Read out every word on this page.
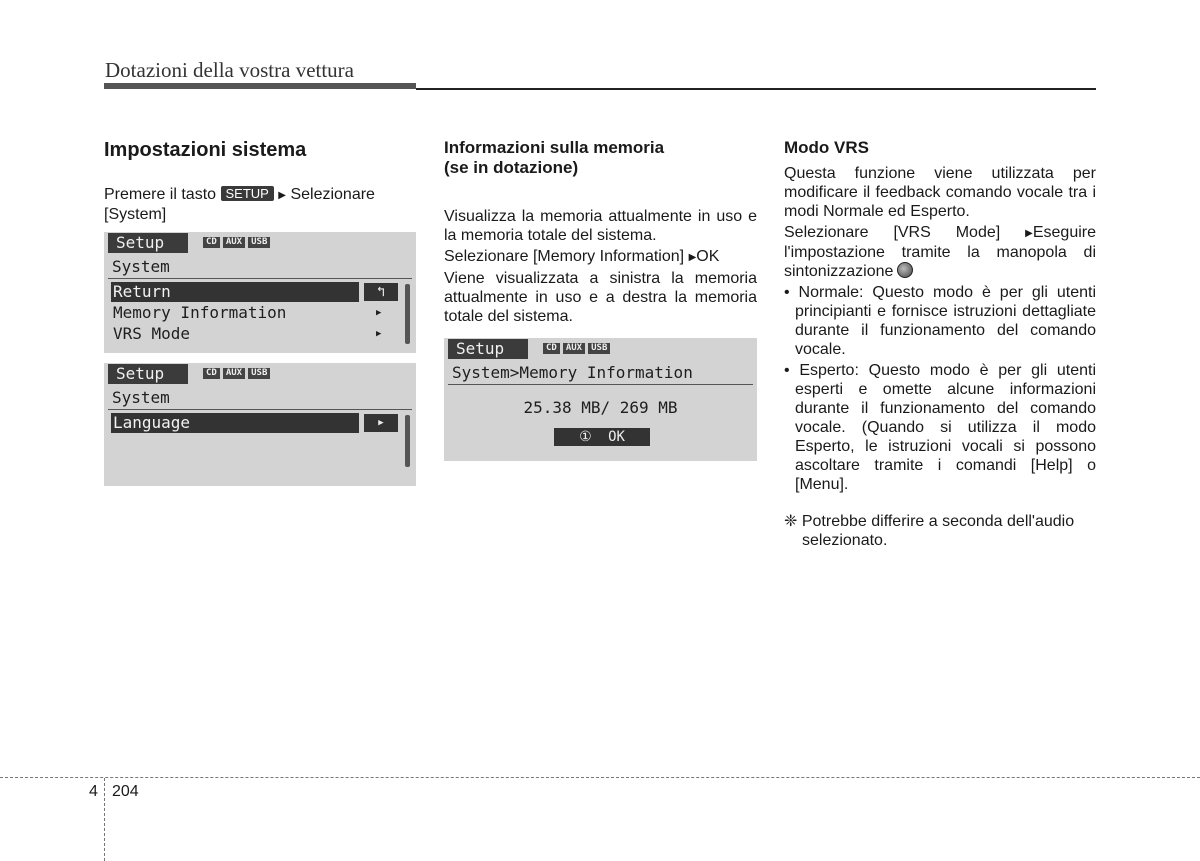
Dotazioni della vostra vettura
Impostazioni sistema

Premere il tasto SETUP ▶ Selezionare
[System]

Setup	CD AUX USB
System
Return	↰
Memory Information	▶
VRS Mode	▶
Setup	CD AUX USB
System
Language	▶
Informazioni sulla memoria
(se in dotazione)

Visualizza la memoria attualmente in uso e la memoria totale del sistema.

Selezionare [Memory Information] ▶OK

Viene visualizzata a sinistra la memoria attualmente in uso e a destra la memoria totale del sistema.

Setup	CD AUX USB
System>Memory Information
25.38 MB/ 269 MB
① OK
Modo VRS

Questa funzione viene utilizzata per modificare il feedback comando vocale tra i modi Normale ed Esperto.

Selezionare [VRS Mode] ▶Eseguire l'impostazione tramite la manopola di sintonizzazione

• Normale: Questo modo è per gli utenti principianti e fornisce istruzioni dettagliate durante il funzionamento del comando vocale.

• Esperto: Questo modo è per gli utenti esperti e omette alcune informazioni durante il funzionamento del comando vocale. (Quando si utilizza il modo Esperto, le istruzioni vocali si possono ascoltare tramite i comandi [Help] o [Menu].

❈ Potrebbe differire a seconda dell'audio selezionato.

4 204
